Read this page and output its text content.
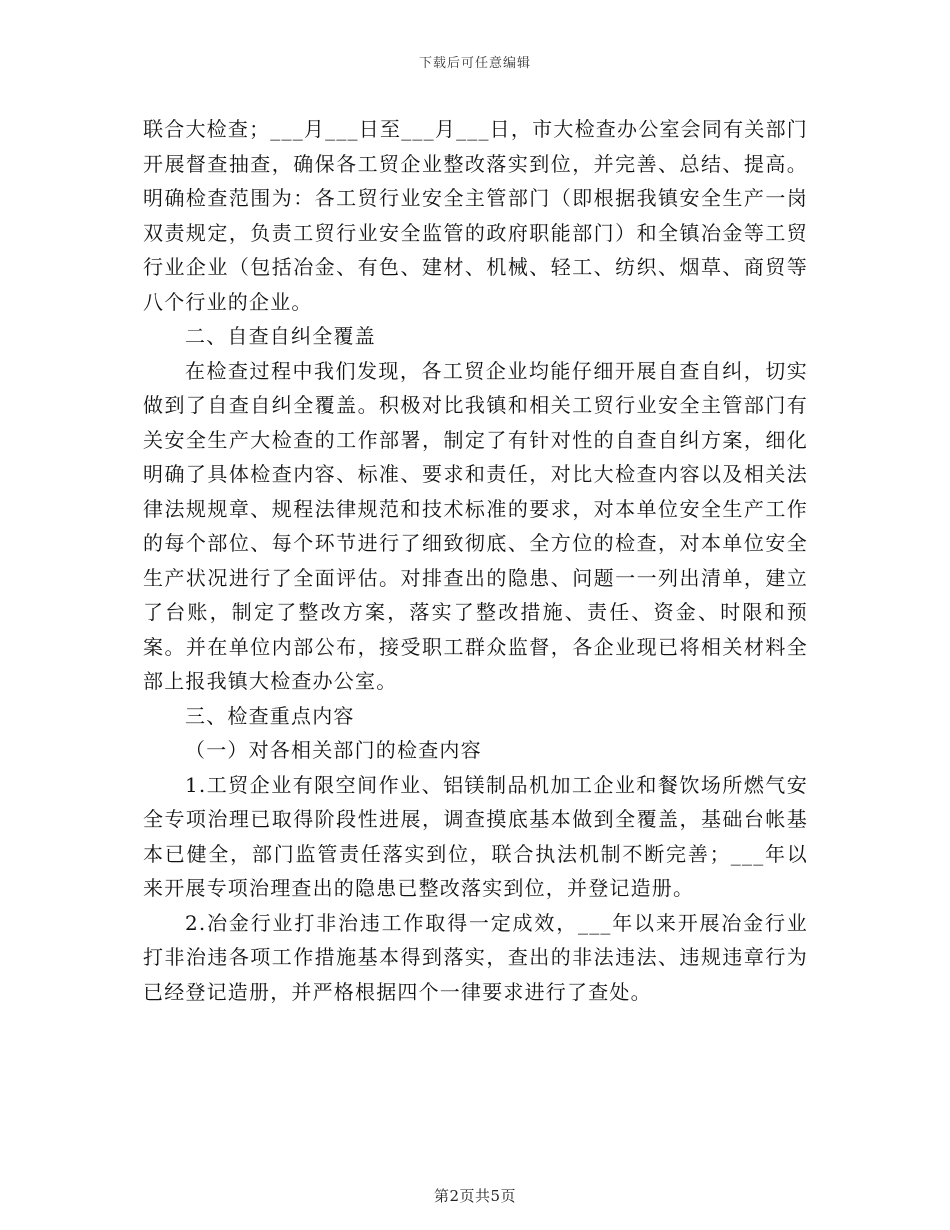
下载后可任意编辑

联合大检查；___月___日至___月___日，市大检查办公室会同有关部门开展督查抽查，确保各工贸企业整改落实到位，并完善、总结、提高。明确检查范围为：各工贸行业安全主管部门（即根据我镇安全生产一岗双责规定，负责工贸行业安全监管的政府职能部门）和全镇冶金等工贸行业企业（包括冶金、有色、建材、机械、轻工、纺织、烟草、商贸等八个行业的企业。

二、自查自纠全覆盖

在检查过程中我们发现，各工贸企业均能仔细开展自查自纠，切实做到了自查自纠全覆盖。积极对比我镇和相关工贸行业安全主管部门有关安全生产大检查的工作部署，制定了有针对性的自查自纠方案，细化明确了具体检查内容、标准、要求和责任，对比大检查内容以及相关法律法规规章、规程法律规范和技术标准的要求，对本单位安全生产工作的每个部位、每个环节进行了细致彻底、全方位的检查，对本单位安全生产状况进行了全面评估。对排查出的隐患、问题一一列出清单，建立了台账，制定了整改方案，落实了整改措施、责任、资金、时限和预案。并在单位内部公布，接受职工群众监督，各企业现已将相关材料全部上报我镇大检查办公室。

三、检查重点内容

（一）对各相关部门的检查内容

1.工贸企业有限空间作业、铝镁制品机加工企业和餐饮场所燃气安全专项治理已取得阶段性进展，调查摸底基本做到全覆盖，基础台帐基本已健全，部门监管责任落实到位，联合执法机制不断完善；___年以来开展专项治理查出的隐患已整改落实到位，并登记造册。

2.冶金行业打非治违工作取得一定成效，___年以来开展冶金行业打非治违各项工作措施基本得到落实，查出的非法违法、违规违章行为已经登记造册，并严格根据四个一律要求进行了查处。

第2页共5页
